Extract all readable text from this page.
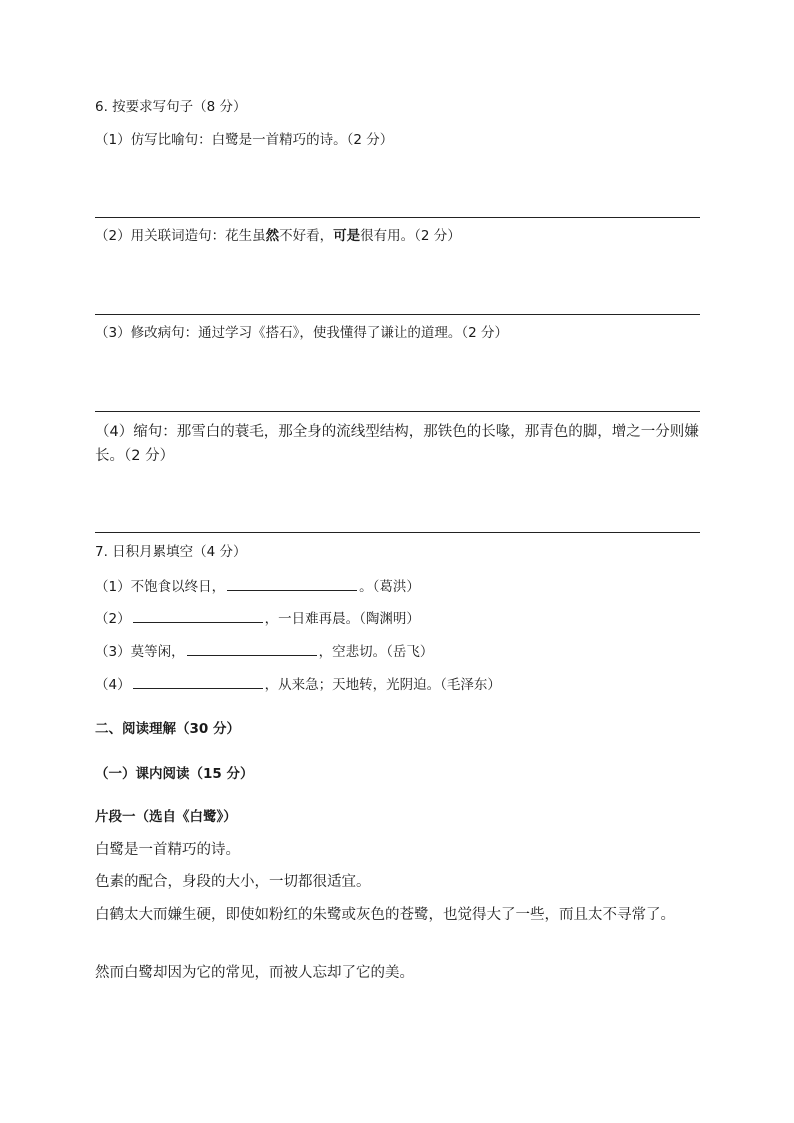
6. 按要求写句子（8 分）
（1）仿写比喻句：白鹭是一首精巧的诗。（2 分）
（2）用关联词造句：花生虽然不好看，可是很有用。（2 分）
（3）修改病句：通过学习《搭石》，使我懂得了谦让的道理。（2 分）
（4）缩句：那雪白的蓑毛，那全身的流线型结构，那铁色的长喙，那青色的脚，增之一分则嫌长。（2 分）
7. 日积月累填空（4 分）
（1）不饱食以终日，	。（葛洪）
（2）	，一日难再晨。（陶渊明）
（3）莫等闲，	，空悲切。（岳飞）
（4）	，从来急；天地转，光阴迫。（毛泽东）
二、阅读理解（30 分）
（一）课内阅读（15 分）
片段一（选自《白鹭》）
白鹭是一首精巧的诗。
色素的配合，身段的大小，一切都很适宜。
白鹤太大而嫌生硬，即使如粉红的朱鹭或灰色的苍鹭，也觉得大了一些，而且太不寻常了。
然而白鹭却因为它的常见，而被人忘却了它的美。
